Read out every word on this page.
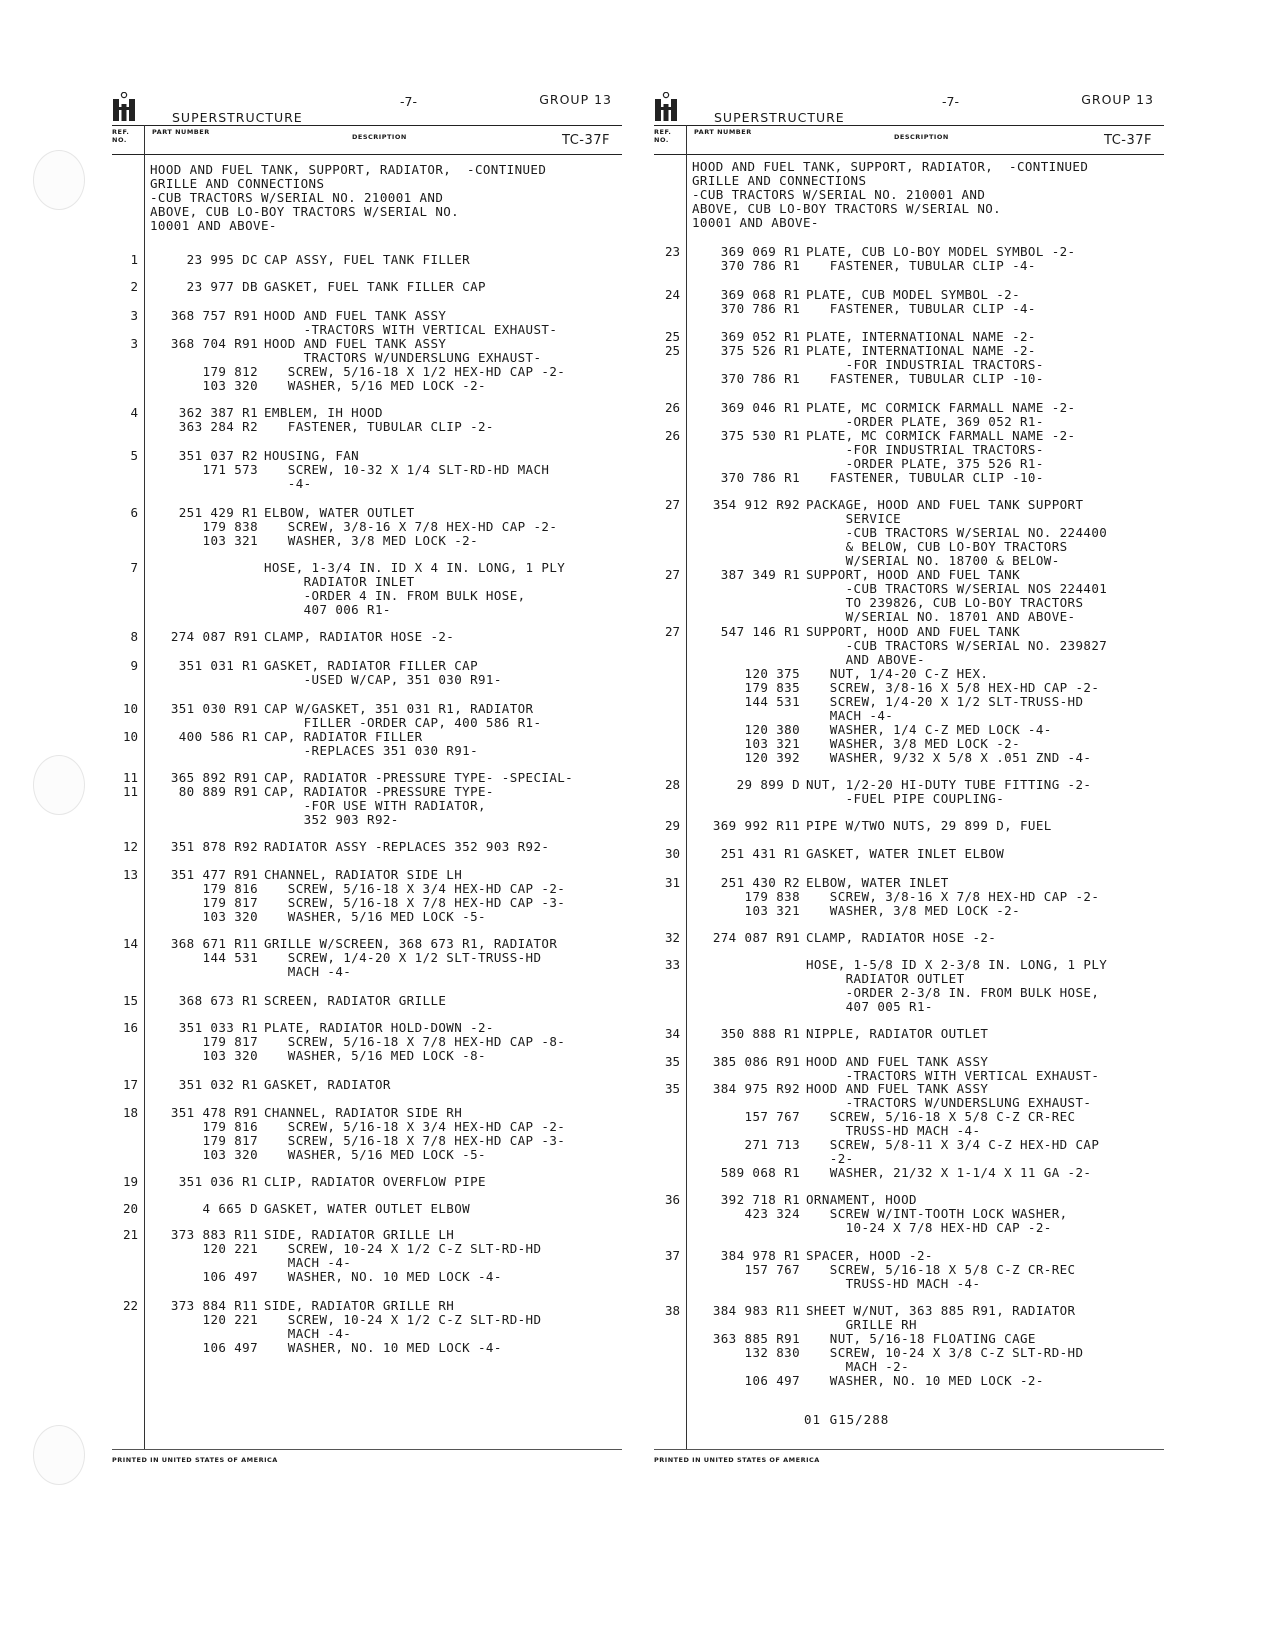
SUPERSTRUCTURE
-7-	GROUP 13
REF. NO.
PART NUMBER
DESCRIPTION	TC-37F
HOOD AND FUEL TANK, SUPPORT, RADIATOR,  -CONTINUED
GRILLE AND CONNECTIONS
-CUB TRACTORS W/SERIAL NO. 210001 AND
ABOVE, CUB LO-BOY TRACTORS W/SERIAL NO.
10001 AND ABOVE-
1	23 995 DC CAP ASSY, FUEL TANK FILLER
2	23 977 DB GASKET, FUEL TANK FILLER CAP
3	368 757 R91 HOOD AND FUEL TANK ASSY
-TRACTORS WITH VERTICAL EXHAUST-
3	368 704 R91 HOOD AND FUEL TANK ASSY
TRACTORS W/UNDERSLUNG EXHAUST-
179 812 SCREW, 5/16-18 X 1/2 HEX-HD CAP -2-
103 320 WASHER, 5/16 MED LOCK -2-
4	362 387 R1 EMBLEM, IH HOOD
363 284 R2 FASTENER, TUBULAR CLIP -2-
5	351 037 R2 HOUSING, FAN
171 573 SCREW, 10-32 X 1/4 SLT-RD-HD MACH
-4-
6	251 429 R1 ELBOW, WATER OUTLET
179 838 SCREW, 3/8-16 X 7/8 HEX-HD CAP -2-
103 321 WASHER, 3/8 MED LOCK -2-
7	HOSE, 1-3/4 IN. ID X 4 IN. LONG, 1 PLY
RADIATOR INLET
-ORDER 4 IN. FROM BULK HOSE,
407 006 R1-
8	274 087 R91 CLAMP, RADIATOR HOSE -2-
9	351 031 R1 GASKET, RADIATOR FILLER CAP
-USED W/CAP, 351 030 R91-
10	351 030 R91 CAP W/GASKET, 351 031 R1, RADIATOR
FILLER -ORDER CAP, 400 586 R1-
10	400 586 R1 CAP, RADIATOR FILLER
-REPLACES 351 030 R91-
11	365 892 R91 CAP, RADIATOR -PRESSURE TYPE- -SPECIAL-
11	80 889 R91 CAP, RADIATOR -PRESSURE TYPE-
-FOR USE WITH RADIATOR,
352 903 R92-
12	351 878 R92 RADIATOR ASSY -REPLACES 352 903 R92-
13	351 477 R91 CHANNEL, RADIATOR SIDE LH
179 816 SCREW, 5/16-18 X 3/4 HEX-HD CAP -2-
179 817 SCREW, 5/16-18 X 7/8 HEX-HD CAP -3-
103 320 WASHER, 5/16 MED LOCK -5-
14	368 671 R11 GRILLE W/SCREEN, 368 673 R1, RADIATOR
144 531 SCREW, 1/4-20 X 1/2 SLT-TRUSS-HD
MACH -4-
15	368 673 R1 SCREEN, RADIATOR GRILLE
16	351 033 R1 PLATE, RADIATOR HOLD-DOWN -2-
179 817 SCREW, 5/16-18 X 7/8 HEX-HD CAP -8-
103 320 WASHER, 5/16 MED LOCK -8-
17	351 032 R1 GASKET, RADIATOR
18	351 478 R91 CHANNEL, RADIATOR SIDE RH
179 816 SCREW, 5/16-18 X 3/4 HEX-HD CAP -2-
179 817 SCREW, 5/16-18 X 7/8 HEX-HD CAP -3-
103 320 WASHER, 5/16 MED LOCK -5-
19	351 036 R1 CLIP, RADIATOR OVERFLOW PIPE
20	4 665 D GASKET, WATER OUTLET ELBOW
21	373 883 R11 SIDE, RADIATOR GRILLE LH
120 221 SCREW, 10-24 X 1/2 C-Z SLT-RD-HD
MACH -4-
106 497 WASHER, NO. 10 MED LOCK -4-
22	373 884 R11 SIDE, RADIATOR GRILLE RH
120 221 SCREW, 10-24 X 1/2 C-Z SLT-RD-HD
MACH -4-
106 497 WASHER, NO. 10 MED LOCK -4-
PRINTED IN UNITED STATES OF AMERICA
SUPERSTRUCTURE
-7-	GROUP 13
REF. NO.
PART NUMBER
DESCRIPTION	TC-37F
HOOD AND FUEL TANK, SUPPORT, RADIATOR,  -CONTINUED
GRILLE AND CONNECTIONS
-CUB TRACTORS W/SERIAL NO. 210001 AND
ABOVE, CUB LO-BOY TRACTORS W/SERIAL NO.
10001 AND ABOVE-
23	369 069 R1 PLATE, CUB LO-BOY MODEL SYMBOL -2-
370 786 R1 FASTENER, TUBULAR CLIP -4-
24	369 068 R1 PLATE, CUB MODEL SYMBOL -2-
370 786 R1 FASTENER, TUBULAR CLIP -4-
25	369 052 R1 PLATE, INTERNATIONAL NAME -2-
25	375 526 R1 PLATE, INTERNATIONAL NAME -2-
-FOR INDUSTRIAL TRACTORS-
370 786 R1 FASTENER, TUBULAR CLIP -10-
26	369 046 R1 PLATE, MC CORMICK FARMALL NAME -2-
-ORDER PLATE, 369 052 R1-
26	375 530 R1 PLATE, MC CORMICK FARMALL NAME -2-
-FOR INDUSTRIAL TRACTORS-
-ORDER PLATE, 375 526 R1-
370 786 R1 FASTENER, TUBULAR CLIP -10-
27	354 912 R92 PACKAGE, HOOD AND FUEL TANK SUPPORT
SERVICE
-CUB TRACTORS W/SERIAL NO. 224400
& BELOW, CUB LO-BOY TRACTORS
W/SERIAL NO. 18700 & BELOW-
27	387 349 R1 SUPPORT, HOOD AND FUEL TANK
-CUB TRACTORS W/SERIAL NOS 224401
TO 239826, CUB LO-BOY TRACTORS
W/SERIAL NO. 18701 AND ABOVE-
27	547 146 R1 SUPPORT, HOOD AND FUEL TANK
-CUB TRACTORS W/SERIAL NO. 239827
AND ABOVE-
120 375 NUT, 1/4-20 C-Z HEX.
179 835 SCREW, 3/8-16 X 5/8 HEX-HD CAP -2-
144 531 SCREW, 1/4-20 X 1/2 SLT-TRUSS-HD
MACH -4-
120 380 WASHER, 1/4 C-Z MED LOCK -4-
103 321 WASHER, 3/8 MED LOCK -2-
120 392 WASHER, 9/32 X 5/8 X .051 ZND -4-
28	29 899 D NUT, 1/2-20 HI-DUTY TUBE FITTING -2-
-FUEL PIPE COUPLING-
29	369 992 R11 PIPE W/TWO NUTS, 29 899 D, FUEL
30	251 431 R1 GASKET, WATER INLET ELBOW
31	251 430 R2 ELBOW, WATER INLET
179 838 SCREW, 3/8-16 X 7/8 HEX-HD CAP -2-
103 321 WASHER, 3/8 MED LOCK -2-
32	274 087 R91 CLAMP, RADIATOR HOSE -2-
33	HOSE, 1-5/8 ID X 2-3/8 IN. LONG, 1 PLY
RADIATOR OUTLET
-ORDER 2-3/8 IN. FROM BULK HOSE,
407 005 R1-
34	350 888 R1 NIPPLE, RADIATOR OUTLET
35	385 086 R91 HOOD AND FUEL TANK ASSY
-TRACTORS WITH VERTICAL EXHAUST-
35	384 975 R92 HOOD AND FUEL TANK ASSY
-TRACTORS W/UNDERSLUNG EXHAUST-
157 767 SCREW, 5/16-18 X 5/8 C-Z CR-REC
TRUSS-HD MACH -4-
271 713 SCREW, 5/8-11 X 3/4 C-Z HEX-HD CAP
-2-
589 068 R1 WASHER, 21/32 X 1-1/4 X 11 GA -2-
36	392 718 R1 ORNAMENT, HOOD
423 324 SCREW W/INT-TOOTH LOCK WASHER,
10-24 X 7/8 HEX-HD CAP -2-
37	384 978 R1 SPACER, HOOD -2-
157 767 SCREW, 5/16-18 X 5/8 C-Z CR-REC
TRUSS-HD MACH -4-
38	384 983 R11 SHEET W/NUT, 363 885 R91, RADIATOR
GRILLE RH
363 885 R91 NUT, 5/16-18 FLOATING CAGE
132 830 SCREW, 10-24 X 3/8 C-Z SLT-RD-HD
MACH -2-
106 497 WASHER, NO. 10 MED LOCK -2-
PRINTED IN UNITED STATES OF AMERICA
01 G15/288
